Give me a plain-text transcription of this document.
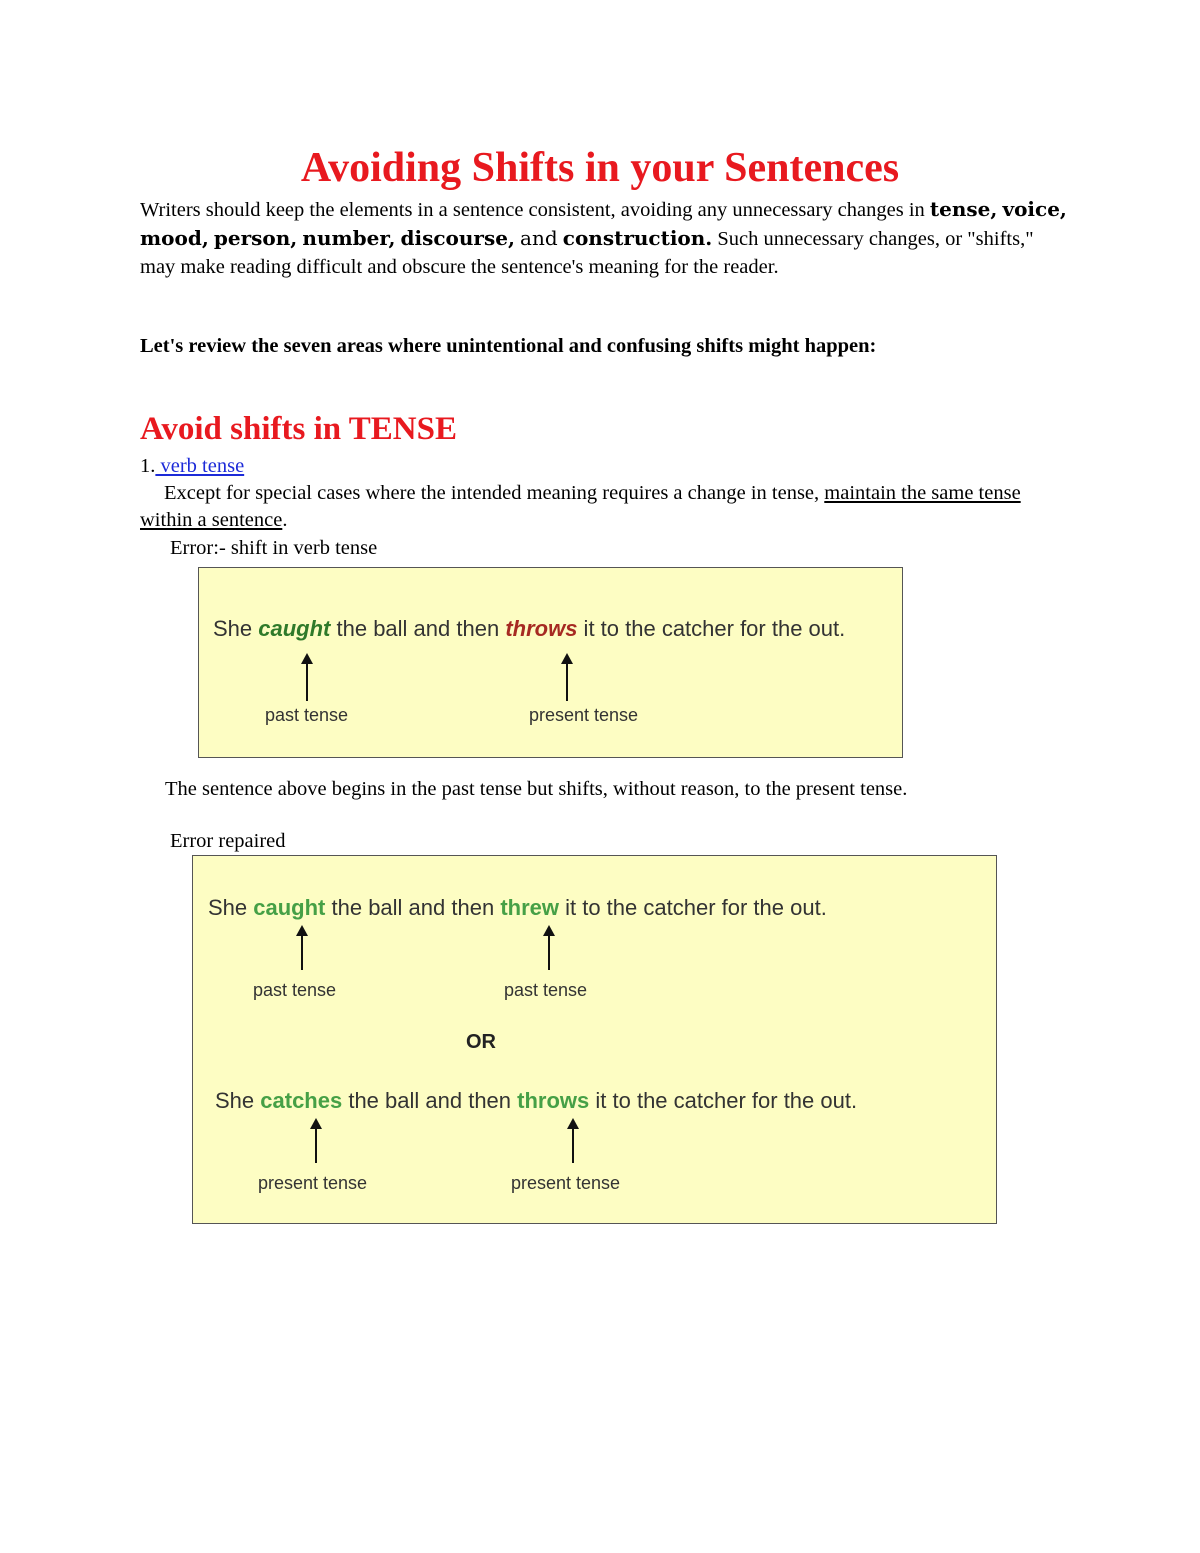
Avoiding Shifts in your Sentences
Writers should keep the elements in a sentence consistent, avoiding any unnecessary changes in tense, voice, mood, person, number, discourse, and construction. Such unnecessary changes, or "shifts," may make reading difficult and obscure the sentence's meaning for the reader.
Let's review the seven areas where unintentional and confusing shifts might happen:
Avoid shifts in TENSE
1. verb tense
Except for special cases where the intended meaning requires a change in tense, maintain the same tense within a sentence.
Error:- shift in verb tense
She caught the ball and then throws it to the catcher for the out.
past tense	present tense
The sentence above begins in the past tense but shifts, without reason, to the present tense.
Error repaired
She caught the ball and then threw it to the catcher for the out.
past tense	past tense
OR
She catches the ball and then throws it to the catcher for the out.
present tense	present tense
